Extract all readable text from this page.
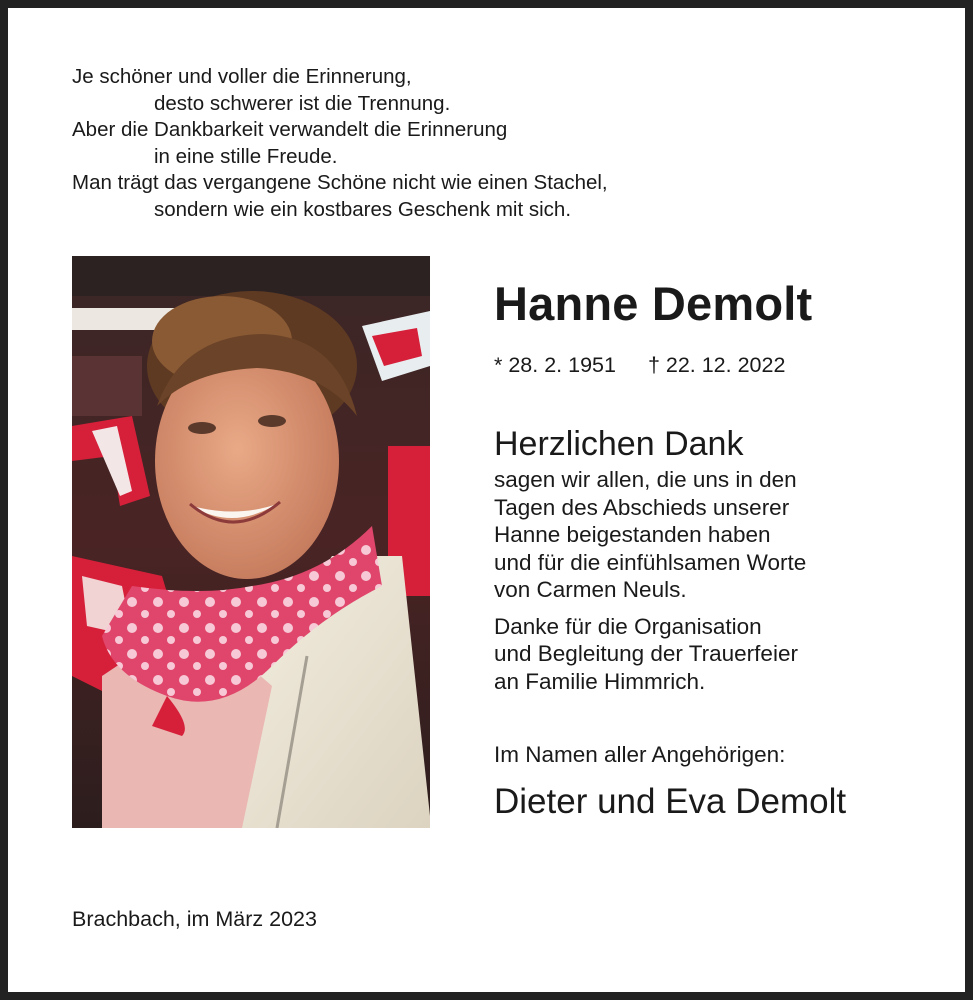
Je schöner und voller die Erinnerung,
desto schwerer ist die Trennung.
Aber die Dankbarkeit verwandelt die Erinnerung
in eine stille Freude.
Man trägt das vergangene Schöne nicht wie einen Stachel,
sondern wie ein kostbares Geschenk mit sich.
Hanne Demolt
* 28. 2. 1951 † 22. 12. 2022
Herzlichen Dank
sagen wir allen, die uns in den
Tagen des Abschieds unserer
Hanne beigestanden haben
und für die einfühlsamen Worte
von Carmen Neuls.
Danke für die Organisation
und Begleitung der Trauerfeier
an Familie Himmrich.
Im Namen aller Angehörigen:
Dieter und Eva Demolt
Brachbach, im März 2023
